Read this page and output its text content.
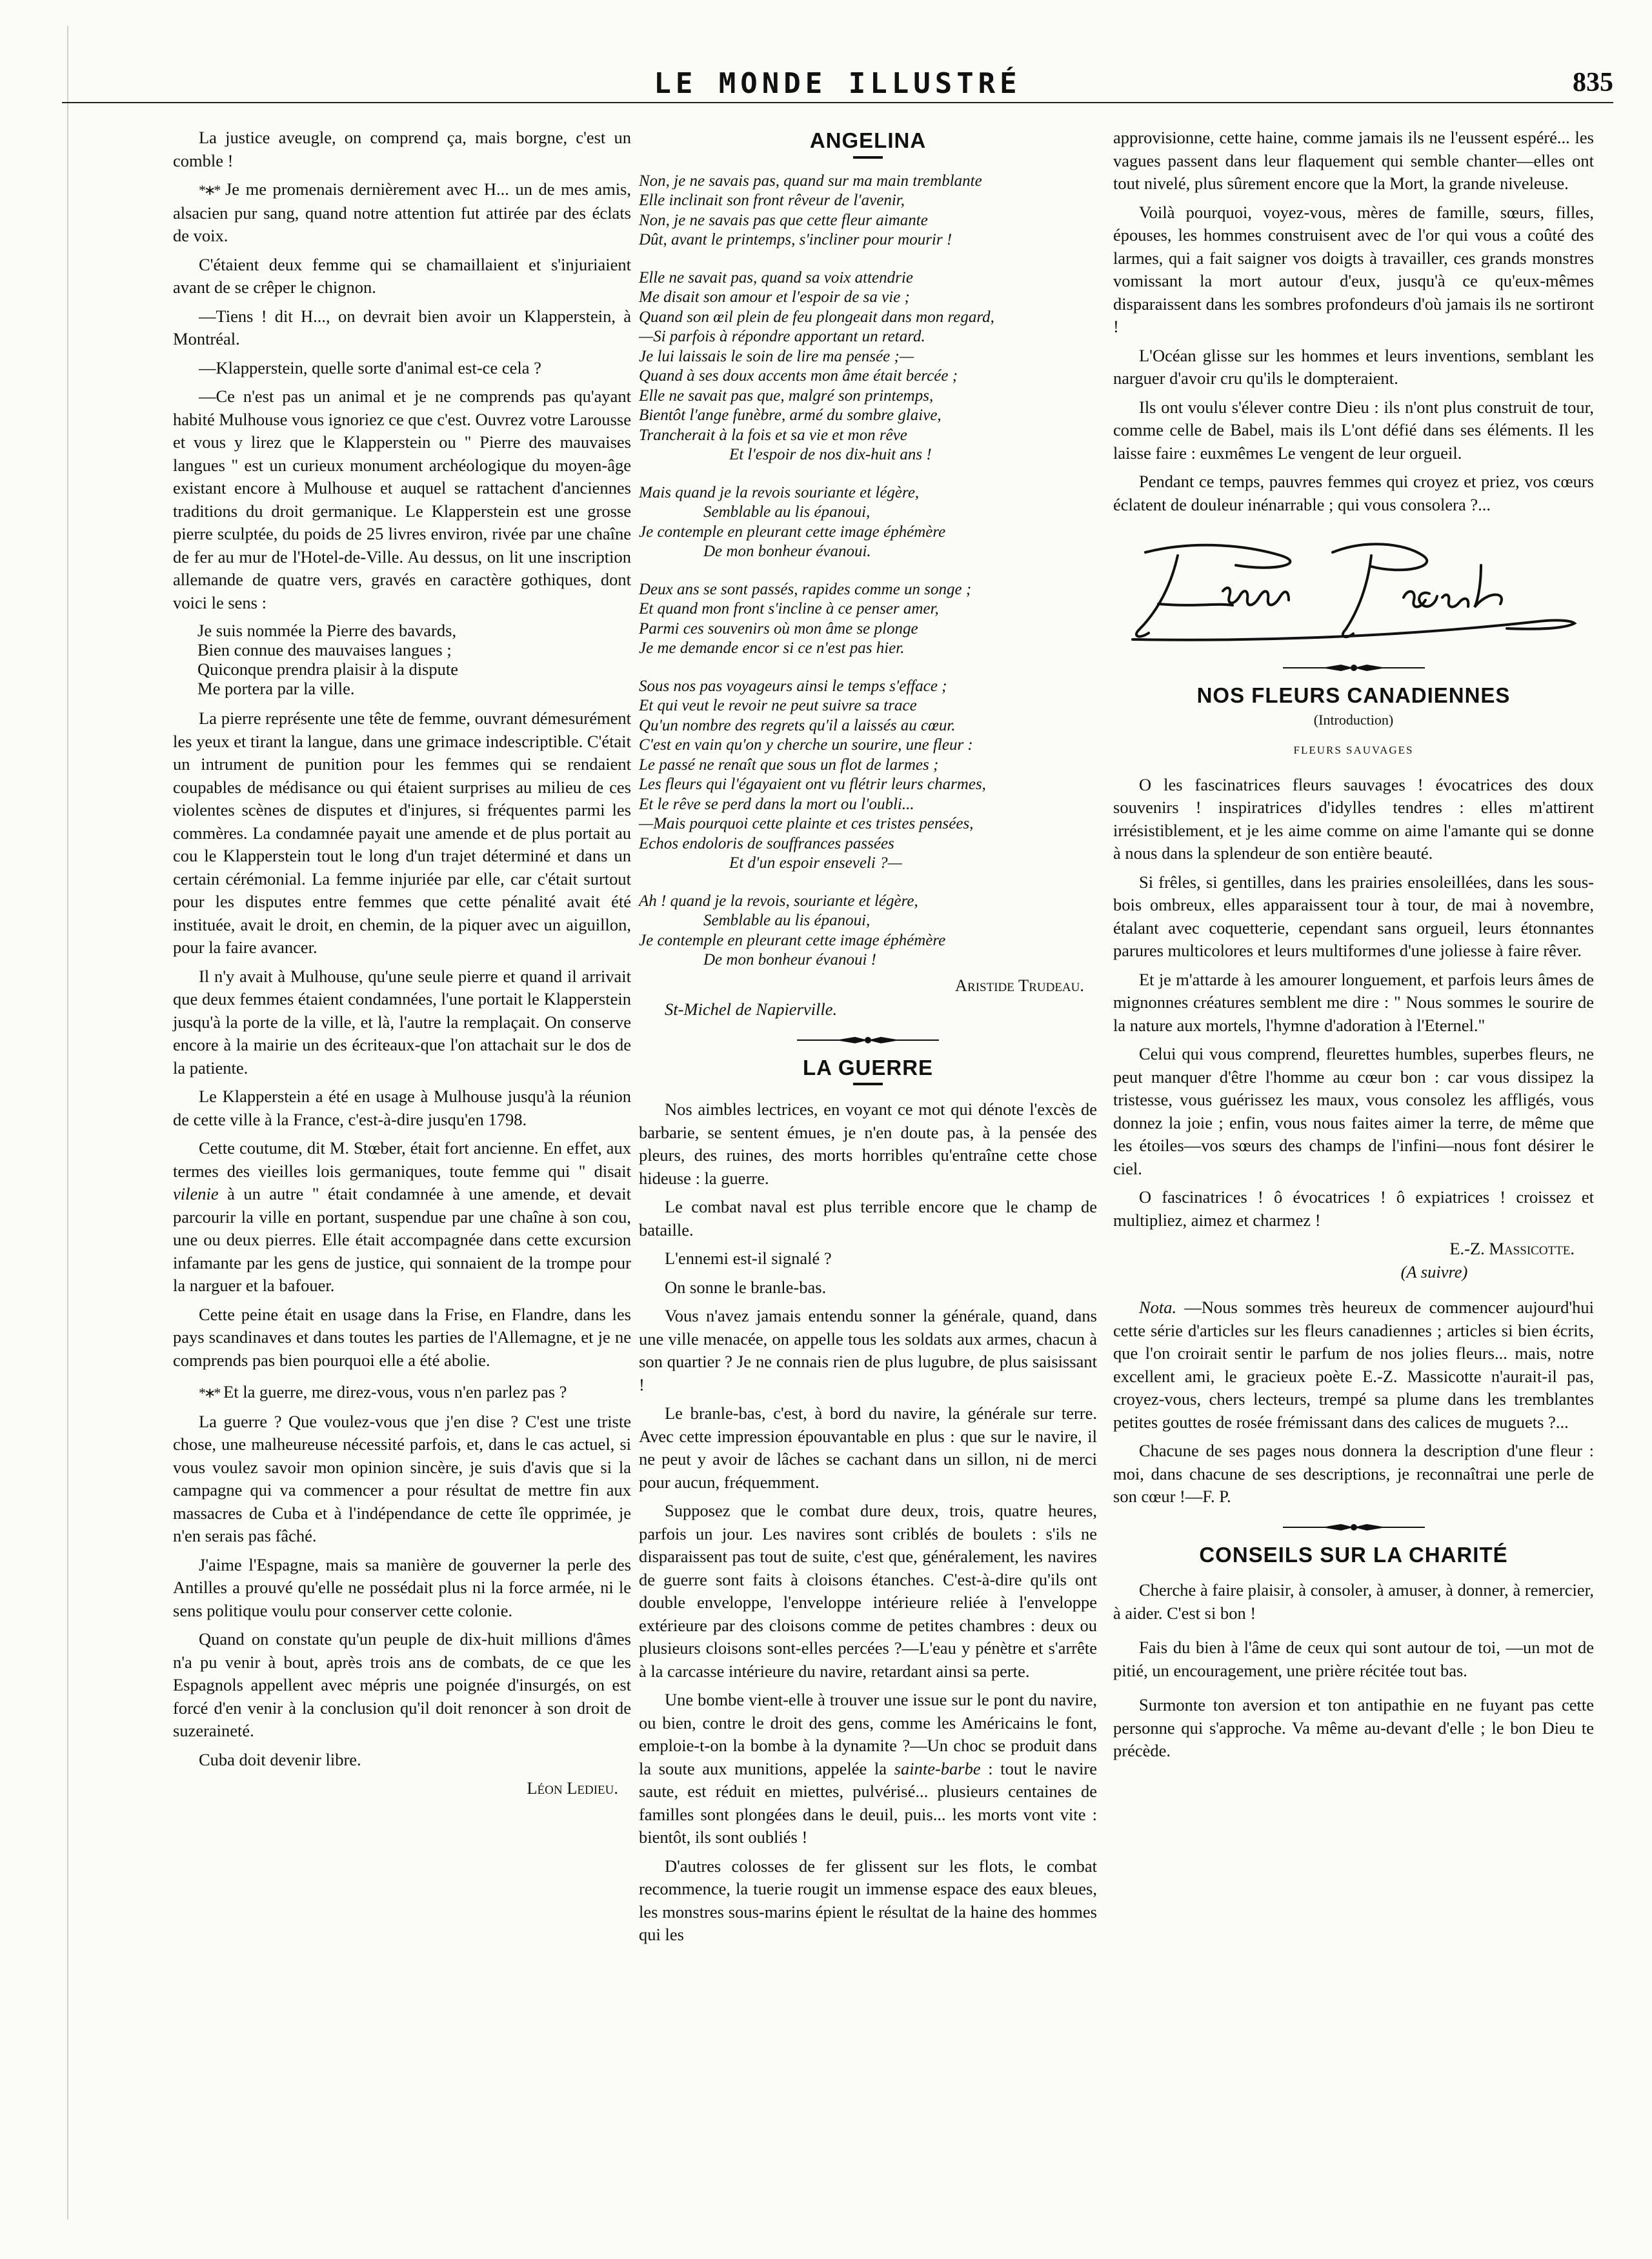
LE MONDE ILLUSTRÉ	835

La justice aveugle, on comprend ça, mais borgne, c'est un comble !

*∗* Je me promenais dernièrement avec H... un de mes amis, alsacien pur sang, quand notre attention fut attirée par des éclats de voix.

C'étaient deux femme qui se chamaillaient et s'injuriaient avant de se crêper le chignon.

—Tiens ! dit H..., on devrait bien avoir un Klapperstein, à Montréal.

—Klapperstein, quelle sorte d'animal est-ce cela ?

—Ce n'est pas un animal et je ne comprends pas qu'ayant habité Mulhouse vous ignoriez ce que c'est. Ouvrez votre Larousse et vous y lirez que le Klapperstein ou " Pierre des mauvaises langues " est un curieux monument archéologique du moyen-âge existant encore à Mulhouse et auquel se rattachent d'anciennes traditions du droit germanique. Le Klapperstein est une grosse pierre sculptée, du poids de 25 livres environ, rivée par une chaîne de fer au mur de l'Hotel-de-Ville. Au dessus, on lit une inscription allemande de quatre vers, gravés en caractère gothiques, dont voici le sens :

Je suis nommée la Pierre des bavards,
Bien connue des mauvaises langues ;
Quiconque prendra plaisir à la dispute
Me portera par la ville.

La pierre représente une tête de femme, ouvrant démesurément les yeux et tirant la langue, dans une grimace indescriptible. C'était un intrument de punition pour les femmes qui se rendaient coupables de médisance ou qui étaient surprises au milieu de ces violentes scènes de disputes et d'injures, si fréquentes parmi les commères. La condamnée payait une amende et de plus portait au cou le Klapperstein tout le long d'un trajet déterminé et dans un certain cérémonial. La femme injuriée par elle, car c'était surtout pour les disputes entre femmes que cette pénalité avait été instituée, avait le droit, en chemin, de la piquer avec un aiguillon, pour la faire avancer.

Il n'y avait à Mulhouse, qu'une seule pierre et quand il arrivait que deux femmes étaient condamnées, l'une portait le Klapperstein jusqu'à la porte de la ville, et là, l'autre la remplaçait. On conserve encore à la mairie un des écriteaux-que l'on attachait sur le dos de la patiente.

Le Klapperstein a été en usage à Mulhouse jusqu'à la réunion de cette ville à la France, c'est-à-dire jusqu'en 1798.

Cette coutume, dit M. Stœber, était fort ancienne. En effet, aux termes des vieilles lois germaniques, toute femme qui " disait vilenie à un autre " était condamnée à une amende, et devait parcourir la ville en portant, suspendue par une chaîne à son cou, une ou deux pierres. Elle était accompagnée dans cette excursion infamante par les gens de justice, qui sonnaient de la trompe pour la narguer et la bafouer.

Cette peine était en usage dans la Frise, en Flandre, dans les pays scandinaves et dans toutes les parties de l'Allemagne, et je ne comprends pas bien pourquoi elle a été abolie.

*∗* Et la guerre, me direz-vous, vous n'en parlez pas ?

La guerre ? Que voulez-vous que j'en dise ? C'est une triste chose, une malheureuse nécessité parfois, et, dans le cas actuel, si vous voulez savoir mon opinion sincère, je suis d'avis que si la campagne qui va commencer a pour résultat de mettre fin aux massacres de Cuba et à l'indépendance de cette île opprimée, je n'en serais pas fâché.

J'aime l'Espagne, mais sa manière de gouverner la perle des Antilles a prouvé qu'elle ne possédait plus ni la force armée, ni le sens politique voulu pour conserver cette colonie.

Quand on constate qu'un peuple de dix-huit millions d'âmes n'a pu venir à bout, après trois ans de combats, de ce que les Espagnols appellent avec mépris une poignée d'insurgés, on est forcé d'en venir à la conclusion qu'il doit renoncer à son droit de suzeraineté.

Cuba doit devenir libre.

Léon Ledieu.
ANGELINA
Non, je ne savais pas, quand sur ma main tremblante
Elle inclinait son front rêveur de l'avenir,
Non, je ne savais pas que cette fleur aimante
Dût, avant le printemps, s'incliner pour mourir !
Elle ne savait pas, quand sa voix attendrie
Me disait son amour et l'espoir de sa vie ;
Quand son œil plein de feu plongeait dans mon regard,
—Si parfois à répondre apportant un retard.
Je lui laissais le soin de lire ma pensée ;—
Quand à ses doux accents mon âme était bercée ;
Elle ne savait pas que, malgré son printemps,
Bientôt l'ange funèbre, armé du sombre glaive,
Trancherait à la fois et sa vie et mon rêve
Et l'espoir de nos dix-huit ans !
Mais quand je la revois souriante et légère,
Semblable au lis épanoui,
Je contemple en pleurant cette image éphémère
De mon bonheur évanoui.
Deux ans se sont passés, rapides comme un songe ;
Et quand mon front s'incline à ce penser amer,
Parmi ces souvenirs où mon âme se plonge
Je me demande encor si ce n'est pas hier.
Sous nos pas voyageurs ainsi le temps s'efface ;
Et qui veut le revoir ne peut suivre sa trace
Qu'un nombre des regrets qu'il a laissés au cœur.
C'est en vain qu'on y cherche un sourire, une fleur :
Le passé ne renaît que sous un flot de larmes ;
Les fleurs qui l'égayaient ont vu flétrir leurs charmes,
Et le rêve se perd dans la mort ou l'oubli...
—Mais pourquoi cette plainte et ces tristes pensées,
Echos endoloris de souffrances passées
Et d'un espoir enseveli ?—
Ah ! quand je la revois, souriante et légère,
Semblable au lis épanoui,
Je contemple en pleurant cette image éphémère
De mon bonheur évanoui !
Aristide Trudeau.
St-Michel de Napierville.
LA GUERRE

Nos aimbles lectrices, en voyant ce mot qui dénote l'excès de barbarie, se sentent émues, je n'en doute pas, à la pensée des pleurs, des ruines, des morts horribles qu'entraîne cette chose hideuse : la guerre.

Le combat naval est plus terrible encore que le champ de bataille.

L'ennemi est-il signalé ?

On sonne le branle-bas.

Vous n'avez jamais entendu sonner la générale, quand, dans une ville menacée, on appelle tous les soldats aux armes, chacun à son quartier ? Je ne connais rien de plus lugubre, de plus saisissant !

Le branle-bas, c'est, à bord du navire, la générale sur terre. Avec cette impression épouvantable en plus : que sur le navire, il ne peut y avoir de lâches se cachant dans un sillon, ni de merci pour aucun, fréquemment.

Supposez que le combat dure deux, trois, quatre heures, parfois un jour. Les navires sont criblés de boulets : s'ils ne disparaissent pas tout de suite, c'est que, généralement, les navires de guerre sont faits à cloisons étanches. C'est-à-dire qu'ils ont double enveloppe, l'enveloppe intérieure reliée à l'enveloppe extérieure par des cloisons comme de petites chambres : deux ou plusieurs cloisons sont-elles percées ?—L'eau y pénètre et s'arrête à la carcasse intérieure du navire, retardant ainsi sa perte.

Une bombe vient-elle à trouver une issue sur le pont du navire, ou bien, contre le droit des gens, comme les Américains le font, emploie-t-on la bombe à la dynamite ?—Un choc se produit dans la soute aux munitions, appelée la sainte-barbe : tout le navire saute, est réduit en miettes, pulvérisé... plusieurs centaines de familles sont plongées dans le deuil, puis... les morts vont vite : bientôt, ils sont oubliés !

D'autres colosses de fer glissent sur les flots, le combat recommence, la tuerie rougit un immense espace des eaux bleues, les monstres sous-marins épient le résultat de la haine des hommes qui les

approvisionne, cette haine, comme jamais ils ne l'eussent espéré... les vagues passent dans leur flaquement qui semble chanter—elles ont tout nivelé, plus sûrement encore que la Mort, la grande niveleuse.

Voilà pourquoi, voyez-vous, mères de famille, sœurs, filles, épouses, les hommes construisent avec de l'or qui vous a coûté des larmes, qui a fait saigner vos doigts à travailler, ces grands monstres vomissant la mort autour d'eux, jusqu'à ce qu'eux-mêmes disparaissent dans les sombres profondeurs d'où jamais ils ne sortiront !

L'Océan glisse sur les hommes et leurs inventions, semblant les narguer d'avoir cru qu'ils le dompteraient.

Ils ont voulu s'élever contre Dieu : ils n'ont plus construit de tour, comme celle de Babel, mais ils L'ont défié dans ses éléments. Il les laisse faire : euxmêmes Le vengent de leur orgueil.

Pendant ce temps, pauvres femmes qui croyez et priez, vos cœurs éclatent de douleur inénarrable ; qui vous consolera ?...

NOS FLEURS CANADIENNES
(Introduction)
FLEURS SAUVAGES

O les fascinatrices fleurs sauvages ! évocatrices des doux souvenirs ! inspiratrices d'idylles tendres : elles m'attirent irrésistiblement, et je les aime comme on aime l'amante qui se donne à nous dans la splendeur de son entière beauté.

Si frêles, si gentilles, dans les prairies ensoleillées, dans les sous-bois ombreux, elles apparaissent tour à tour, de mai à novembre, étalant avec coquetterie, cependant sans orgueil, leurs étonnantes parures multicolores et leurs multiformes d'une joliesse à faire rêver.

Et je m'attarde à les amourer longuement, et parfois leurs âmes de mignonnes créatures semblent me dire : " Nous sommes le sourire de la nature aux mortels, l'hymne d'adoration à l'Eternel."

Celui qui vous comprend, fleurettes humbles, superbes fleurs, ne peut manquer d'être l'homme au cœur bon : car vous dissipez la tristesse, vous guérissez les maux, vous consolez les affligés, vous donnez la joie ; enfin, vous nous faites aimer la terre, de même que les étoiles—vos sœurs des champs de l'infini—nous font désirer le ciel.

O fascinatrices ! ô évocatrices ! ô expiatrices ! croissez et multipliez, aimez et charmez !

E.-Z. Massicotte.
(A suivre)

Nota. —Nous sommes très heureux de commencer aujourd'hui cette série d'articles sur les fleurs canadiennes ; articles si bien écrits, que l'on croirait sentir le parfum de nos jolies fleurs... mais, notre excellent ami, le gracieux poète E.-Z. Massicotte n'aurait-il pas, croyez-vous, chers lecteurs, trempé sa plume dans les tremblantes petites gouttes de rosée frémissant dans des calices de muguets ?...

Chacune de ses pages nous donnera la description d'une fleur : moi, dans chacune de ses descriptions, je reconnaîtrai une perle de son cœur !—F. P.

CONSEILS SUR LA CHARITÉ

Cherche à faire plaisir, à consoler, à amuser, à donner, à remercier, à aider. C'est si bon !

Fais du bien à l'âme de ceux qui sont autour de toi, —un mot de pitié, un encouragement, une prière récitée tout bas.

Surmonte ton aversion et ton antipathie en ne fuyant pas cette personne qui s'approche. Va même au-devant d'elle ; le bon Dieu te précède.
